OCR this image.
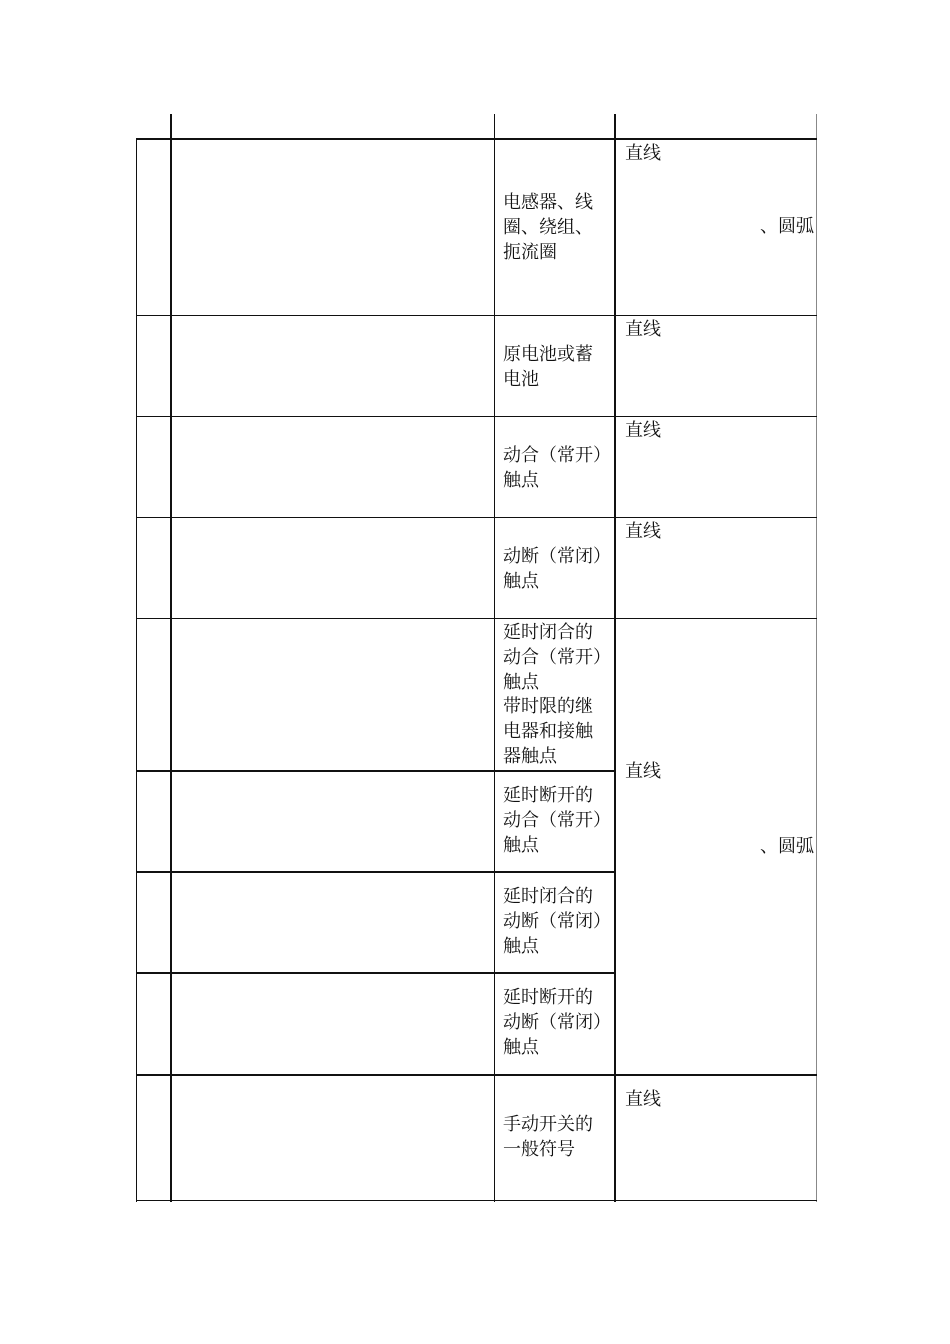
电感器、线
圈、绕组、
扼流圈
直线
、圆弧
原电池或蓄
电池
直线
动合（常开）
触点
直线
动断（常闭）
触点
直线
延时闭合的
动合（常开）
触点
带时限的继
电器和接触
器触点
延时断开的
动合（常开）
触点
延时闭合的
动断（常闭）
触点
延时断开的
动断（常闭）
触点
直线
、圆弧
手动开关的
一般符号
直线
